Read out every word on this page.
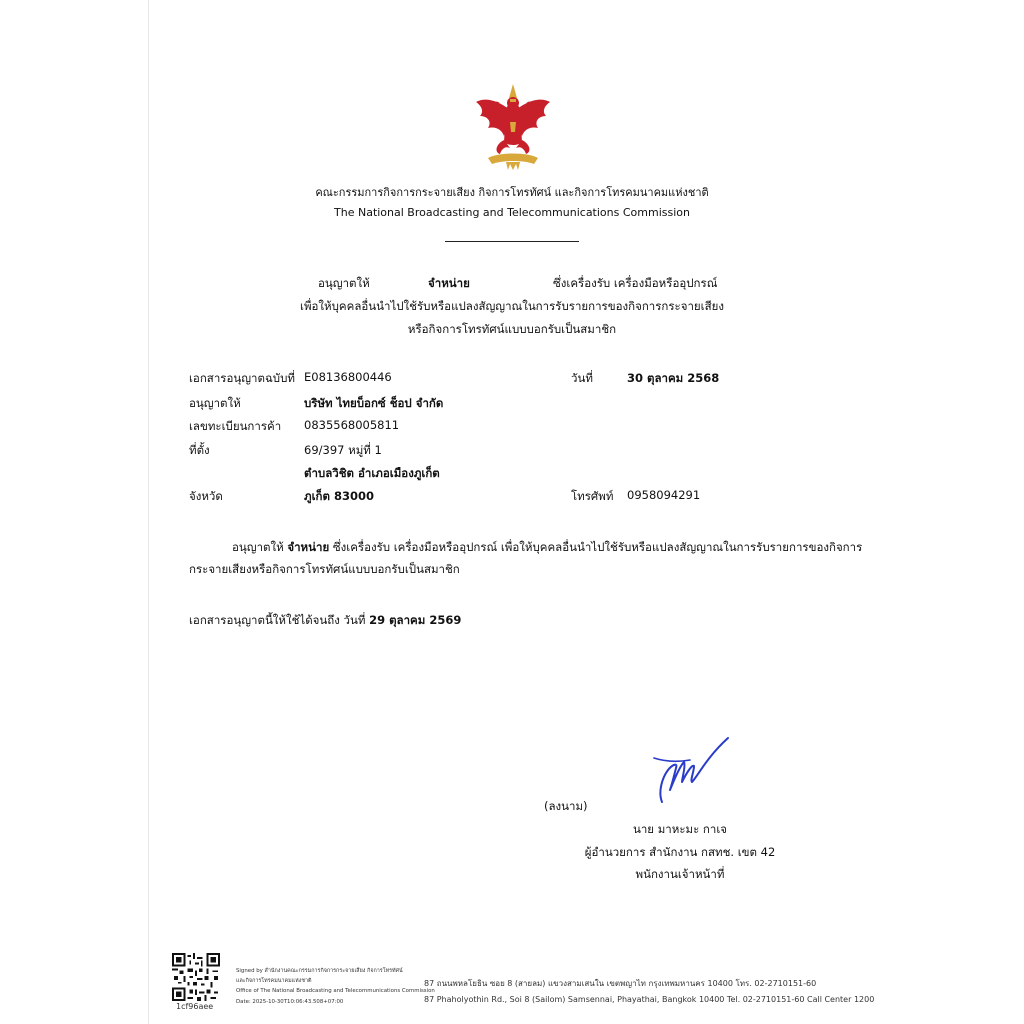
คณะกรรมการกิจการกระจายเสียง กิจการโทรทัศน์ และกิจการโทรคมนาคมแห่งชาติ
The National Broadcasting and Telecommunications Commission
อนุญาตให้	จำหน่าย	ซึ่งเครื่องรับ เครื่องมือหรืออุปกรณ์
เพื่อให้บุคคลอื่นนำไปใช้รับหรือแปลงสัญญาณในการรับรายการของกิจการกระจายเสียง
หรือกิจการโทรทัศน์แบบบอกรับเป็นสมาชิก
เอกสารอนุญาตฉบับที่ E08136800446	วันที่	30 ตุลาคม 2568
อนุญาตให้	บริษัท ไทยบ็อกซ์ ช็อป จำกัด
เลขทะเบียนการค้า 0835568005811
ที่ตั้ง	69/397 หมู่ที่ 1
ตำบลวิชิต อำเภอเมืองภูเก็ต
จังหวัด	ภูเก็ต 83000	โทรศัพท์ 0958094291
อนุญาตให้ จำหน่าย ซึ่งเครื่องรับ เครื่องมือหรืออุปกรณ์ เพื่อให้บุคคลอื่นนำไปใช้รับหรือแปลงสัญญาณในการรับรายการของกิจการ
กระจายเสียงหรือกิจการโทรทัศน์แบบบอกรับเป็นสมาชิก
เอกสารอนุญาตนี้ให้ใช้ได้จนถึง วันที่ 29 ตุลาคม 2569
(ลงนาม)
นาย มาหะมะ กาเจ
ผู้อำนวยการ สำนักงาน กสทช. เขต 42
พนักงานเจ้าหน้าที่
1cf96aee
Signed by สำนักงานคณะกรรมการกิจการกระจายเสียง กิจการโทรทัศน์
และกิจการโทรคมนาคมแห่งชาติ
Office of The National Broadcasting and Telecommunications Commission
Date: 2025-10-30T10:06:43.508+07:00
87 ถนนพหลโยธิน ซอย 8 (สายลม) แขวงสามเสนใน เขตพญาไท กรุงเทพมหานคร 10400 โทร. 02-2710151-60
87 Phaholyothin Rd., Soi 8 (Sailom) Samsennai, Phayathai, Bangkok 10400 Tel. 02-2710151-60 Call Center 1200
